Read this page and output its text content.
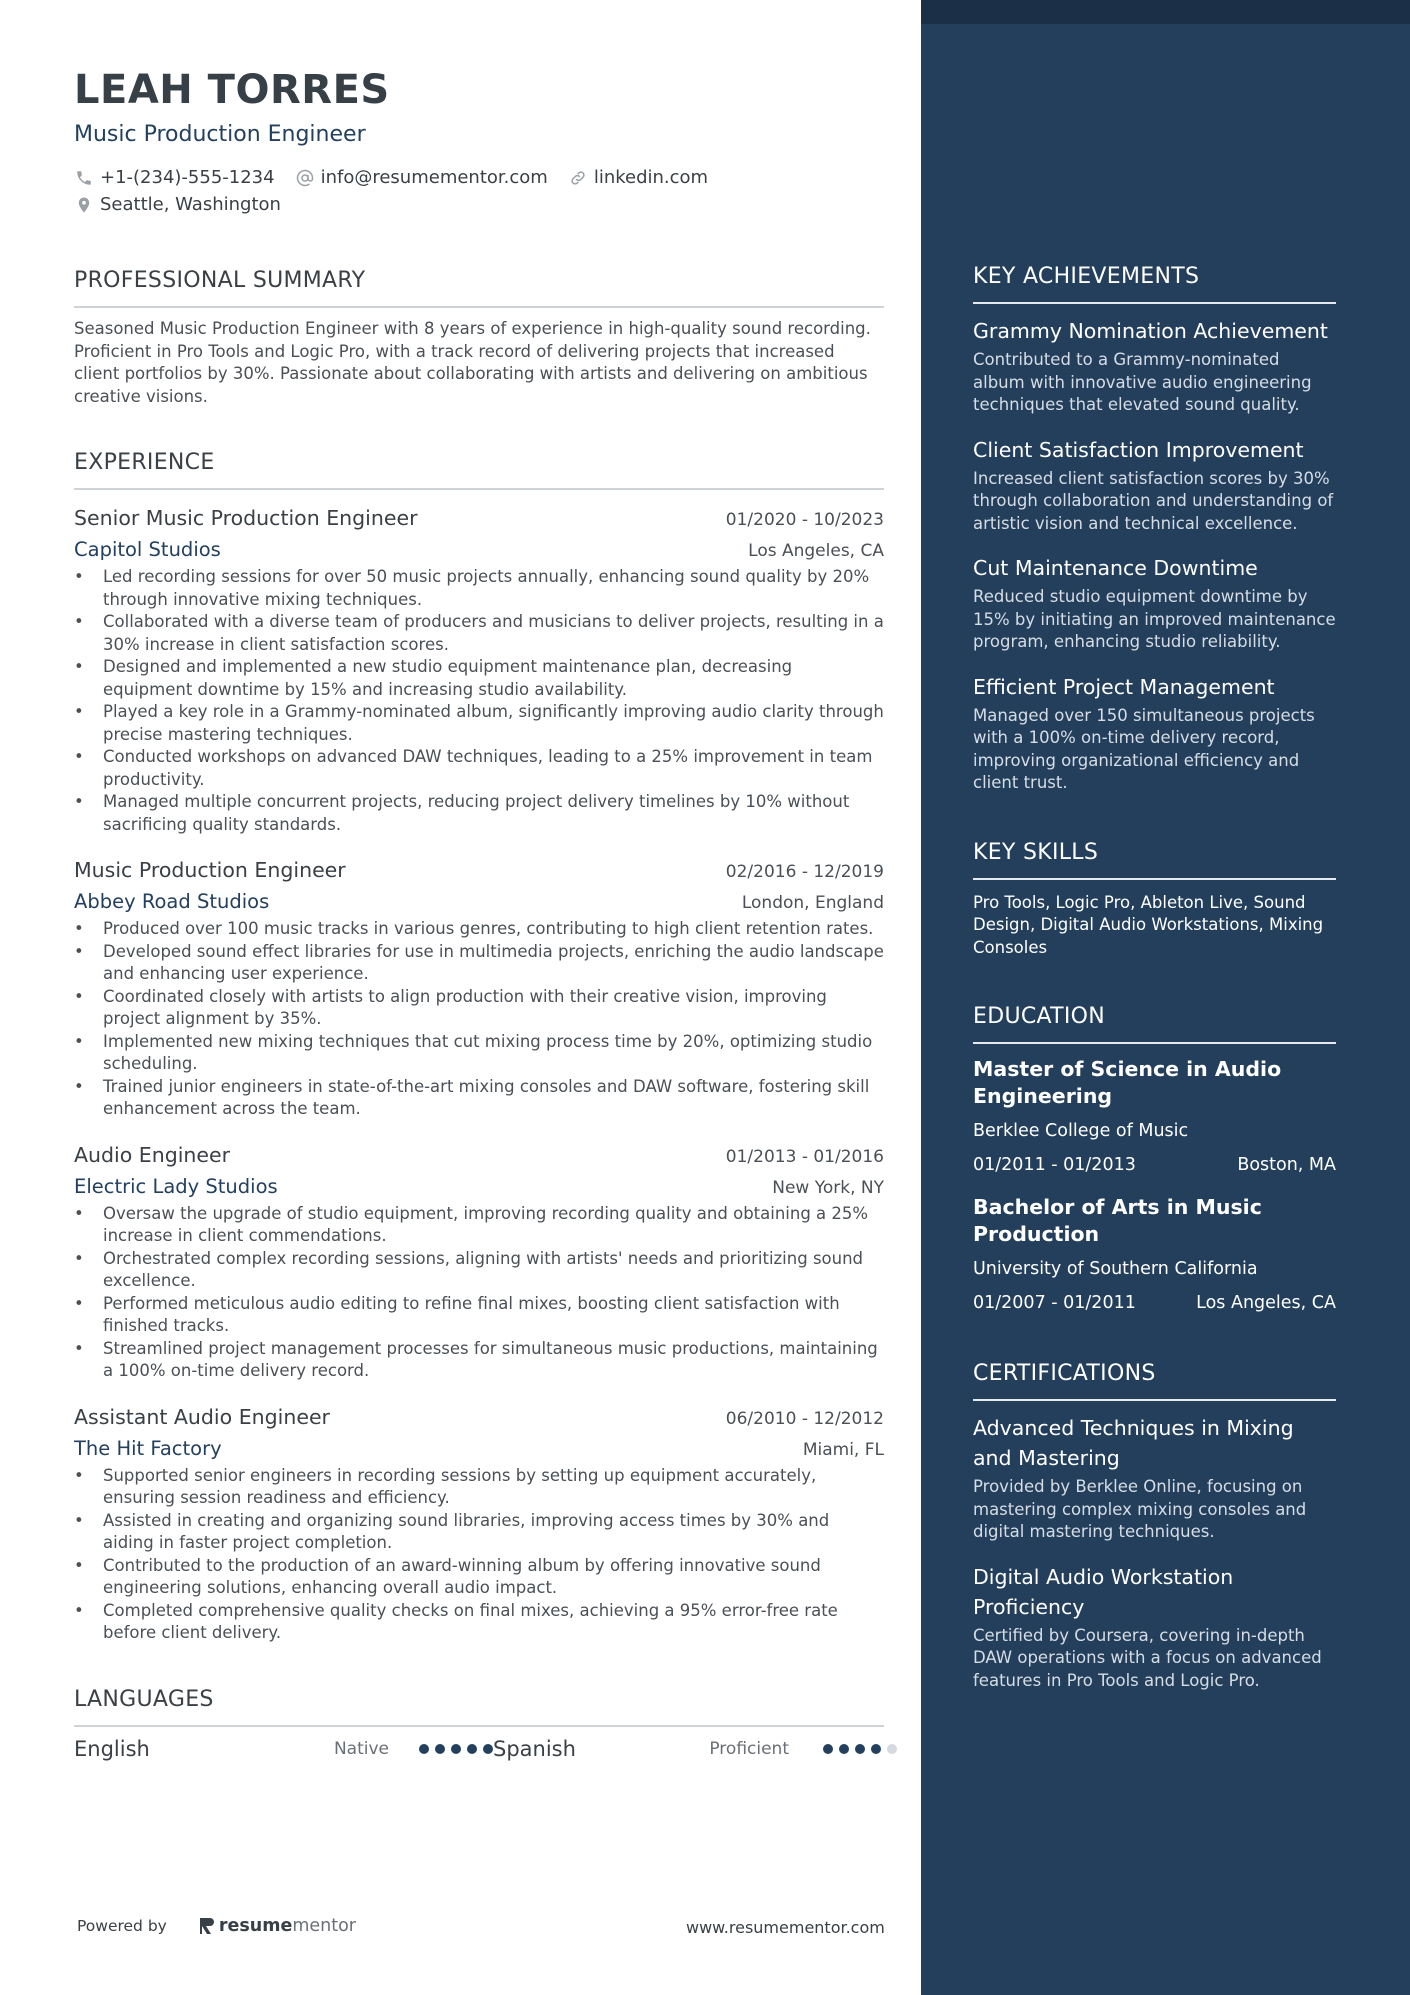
LEAH TORRES
Music Production Engineer
+1-(234)-555-1234	info@resumementor.com	linkedin.com
Seattle, Washington
PROFESSIONAL SUMMARY
Seasoned Music Production Engineer with 8 years of experience in high-quality sound recording. Proficient in Pro Tools and Logic Pro, with a track record of delivering projects that increased client portfolios by 30%. Passionate about collaborating with artists and delivering on ambitious creative visions.
EXPERIENCE
Senior Music Production Engineer	01/2020 - 10/2023
Capitol Studios	Los Angeles, CA
• Led recording sessions for over 50 music projects annually, enhancing sound quality by 20% through innovative mixing techniques.
• Collaborated with a diverse team of producers and musicians to deliver projects, resulting in a 30% increase in client satisfaction scores.
• Designed and implemented a new studio equipment maintenance plan, decreasing equipment downtime by 15% and increasing studio availability.
• Played a key role in a Grammy-nominated album, significantly improving audio clarity through precise mastering techniques.
• Conducted workshops on advanced DAW techniques, leading to a 25% improvement in team productivity.
• Managed multiple concurrent projects, reducing project delivery timelines by 10% without sacrificing quality standards.
Music Production Engineer	02/2016 - 12/2019
Abbey Road Studios	London, England
• Produced over 100 music tracks in various genres, contributing to high client retention rates.
• Developed sound effect libraries for use in multimedia projects, enriching the audio landscape and enhancing user experience.
• Coordinated closely with artists to align production with their creative vision, improving project alignment by 35%.
• Implemented new mixing techniques that cut mixing process time by 20%, optimizing studio scheduling.
• Trained junior engineers in state-of-the-art mixing consoles and DAW software, fostering skill enhancement across the team.
Audio Engineer	01/2013 - 01/2016
Electric Lady Studios	New York, NY
• Oversaw the upgrade of studio equipment, improving recording quality and obtaining a 25% increase in client commendations.
• Orchestrated complex recording sessions, aligning with artists' needs and prioritizing sound excellence.
• Performed meticulous audio editing to refine final mixes, boosting client satisfaction with finished tracks.
• Streamlined project management processes for simultaneous music productions, maintaining a 100% on-time delivery record.
Assistant Audio Engineer	06/2010 - 12/2012
The Hit Factory	Miami, FL
• Supported senior engineers in recording sessions by setting up equipment accurately, ensuring session readiness and efficiency.
• Assisted in creating and organizing sound libraries, improving access times by 30% and aiding in faster project completion.
• Contributed to the production of an award-winning album by offering innovative sound engineering solutions, enhancing overall audio impact.
• Completed comprehensive quality checks on final mixes, achieving a 95% error-free rate before client delivery.
LANGUAGES
English	Native	Spanish	Proficient
Powered by	resume mentor	www.resumementor.com
KEY ACHIEVEMENTS
Grammy Nomination Achievement
Contributed to a Grammy-nominated album with innovative audio engineering techniques that elevated sound quality.
Client Satisfaction Improvement
Increased client satisfaction scores by 30% through collaboration and understanding of artistic vision and technical excellence.
Cut Maintenance Downtime
Reduced studio equipment downtime by 15% by initiating an improved maintenance program, enhancing studio reliability.
Efficient Project Management
Managed over 150 simultaneous projects with a 100% on-time delivery record, improving organizational efficiency and client trust.
KEY SKILLS
Pro Tools, Logic Pro, Ableton Live, Sound Design, Digital Audio Workstations, Mixing Consoles
EDUCATION
Master of Science in Audio Engineering
Berklee College of Music
01/2011 - 01/2013	Boston, MA
Bachelor of Arts in Music Production
University of Southern California
01/2007 - 01/2011	Los Angeles, CA
CERTIFICATIONS
Advanced Techniques in Mixing and Mastering
Provided by Berklee Online, focusing on mastering complex mixing consoles and digital mastering techniques.
Digital Audio Workstation Proficiency
Certified by Coursera, covering in-depth DAW operations with a focus on advanced features in Pro Tools and Logic Pro.
